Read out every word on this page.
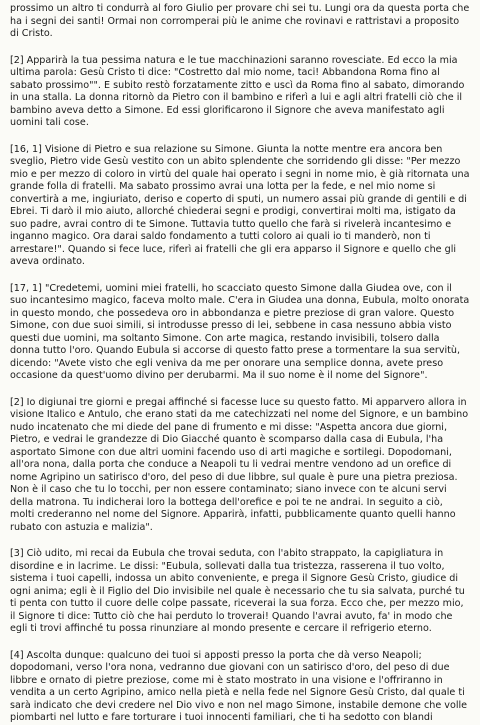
prossimo un altro ti condurrà al foro Giulio per provare chi sei tu. Lungi ora da questa porta che ha i segni dei santi! Ormai non corromperai più le anime che rovinavi e rattristavi a proposito di Cristo.

[2] Apparirà la tua pessima natura e le tue macchinazioni saranno rovesciate. Ed ecco la mia ultima parola: Gesù Cristo ti dice: "Costretto dal mio nome, taci! Abbandona Roma fino al sabato prossimo"". E subito restò forzatamente zitto e uscì da Roma fino al sabato, dimorando in una stalla. La donna ritornò da Pietro con il bambino e riferì a lui e agli altri fratelli ciò che il bambino aveva detto a Simone. Ed essi glorificarono il Signore che aveva manifestato agli uomini tali cose.

[16, 1] Visione di Pietro e sua relazione su Simone. Giunta la notte mentre era ancora ben sveglio, Pietro vide Gesù vestito con un abito splendente che sorridendo gli disse: "Per mezzo mio e per mezzo di coloro in virtù del quale hai operato i segni in nome mio, è già ritornata una grande folla di fratelli. Ma sabato prossimo avrai una lotta per la fede, e nel mio nome si convertirà a me, ingiuriato, deriso e coperto di sputi, un numero assai più grande di gentili e di Ebrei. Ti darò il mio aiuto, allorché chiederai segni e prodigi, convertirai molti ma, istigato da suo padre, avrai contro di te Simone. Tuttavia tutto quello che farà si rivelerà incantesimo e inganno magico. Ora darai saldo fondamento a tutti coloro ai quali io ti manderò, non ti arrestare!". Quando si fece luce, riferì ai fratelli che gli era apparso il Signore e quello che gli aveva ordinato.

[17, 1] "Credetemi, uomini miei fratelli, ho scacciato questo Simone dalla Giudea ove, con il suo incantesimo magico, faceva molto male. C'era in Giudea una donna, Eubula, molto onorata in questo mondo, che possedeva oro in abbondanza e pietre preziose di gran valore. Questo Simone, con due suoi simili, si introdusse presso di lei, sebbene in casa nessuno abbia visto questi due uomini, ma soltanto Simone. Con arte magica, restando invisibili, tolsero dalla donna tutto l'oro. Quando Eubula si accorse di questo fatto prese a tormentare la sua servitù, dicendo: "Avete visto che egli veniva da me per onorare una semplice donna, avete preso occasione da quest'uomo divino per derubarmi. Ma il suo nome è il nome del Signore".

[2] Io digiunai tre giorni e pregai affinché si facesse luce su questo fatto. Mi apparvero allora in visione Italico e Antulo, che erano stati da me catechizzati nel nome del Signore, e un bambino nudo incatenato che mi diede del pane di frumento e mi disse: "Aspetta ancora due giorni, Pietro, e vedrai le grandezze di Dio Giacché quanto è scomparso dalla casa di Eubula, l'ha asportato Simone con due altri uomini facendo uso di arti magiche e sortilegi. Dopodomani, all'ora nona, dalla porta che conduce a Neapoli tu li vedrai mentre vendono ad un orefice di nome Agripino un satirisco d'oro, del peso di due libbre, sul quale è pure una pietra preziosa. Non è il caso che tu lo tocchi, per non essere contaminato; siano invece con te alcuni servi della matrona. Tu indicherai loro la bottega dell'orefice e poi te ne andrai. In seguito a ciò, molti crederanno nel nome del Signore. Apparirà, infatti, pubblicamente quanto quelli hanno rubato con astuzia e malizia".

[3] Ciò udito, mi recai da Eubula che trovai seduta, con l'abito strappato, la capigliatura in disordine e in lacrime. Le dissi: "Eubula, sollevati dalla tua tristezza, rasserena il tuo volto, sistema i tuoi capelli, indossa un abito conveniente, e prega il Signore Gesù Cristo, giudice di ogni anima; egli è il Figlio del Dio invisibile nel quale è necessario che tu sia salvata, purché tu ti penta con tutto il cuore delle colpe passate, riceverai la sua forza. Ecco che, per mezzo mio, il Signore ti dice: Tutto ciò che hai perduto lo troverai! Quando l'avrai avuto, fa' in modo che egli ti trovi affinché tu possa rinunziare al mondo presente e cercare il refrigerio eterno.

[4] Ascolta dunque: qualcuno dei tuoi si apposti presso la porta che dà verso Neapoli; dopodomani, verso l'ora nona, vedranno due giovani con un satirisco d'oro, del peso di due libbre e ornato di pietre preziose, come mi è stato mostrato in una visione e l'offriranno in vendita a un certo Agripino, amico nella pietà e nella fede nel Signore Gesù Cristo, dal quale ti sarà indicato che devi credere nel Dio vivo e non nel mago Simone, instabile demone che volle piombarti nel lutto e fare torturare i tuoi innocenti familiari, che ti ha sedotto con blandi
